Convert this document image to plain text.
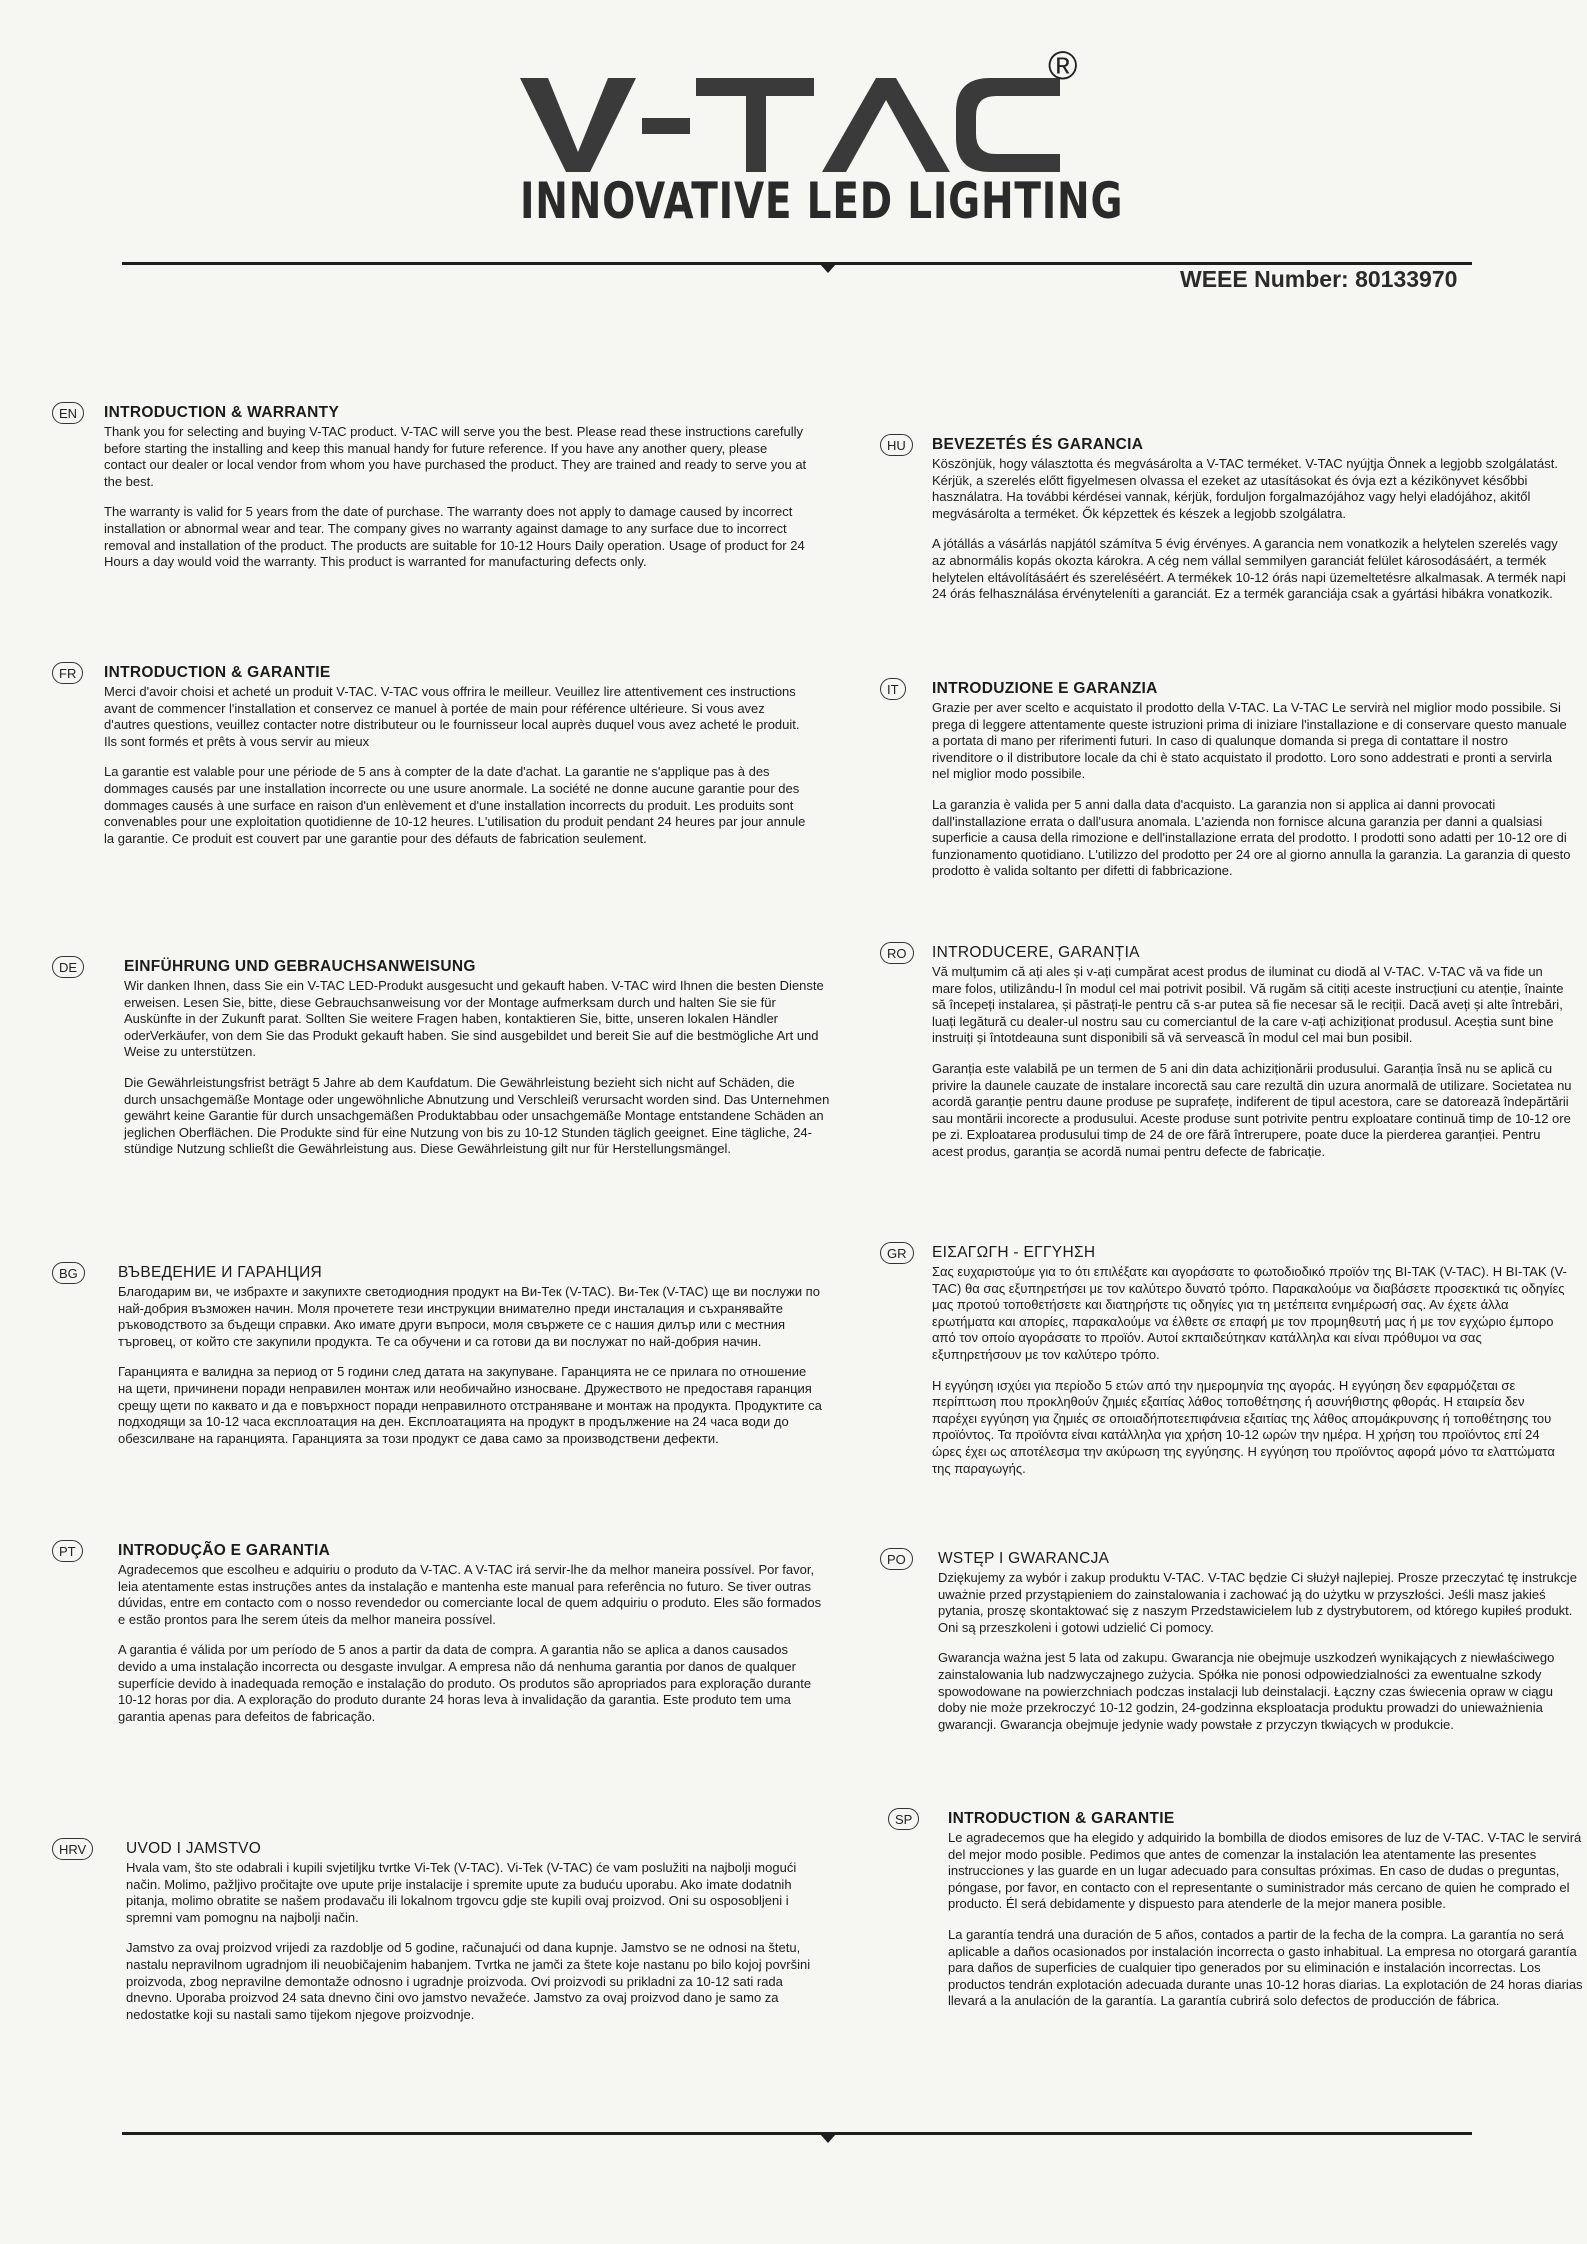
®
INNOVATIVE LED LIGHTING
WEEE Number: 80133970
EN	INTRODUCTION & WARRANTY

Thank you for selecting and buying V-TAC product. V-TAC will serve you the best. Please read these instructions carefully before starting the installing and keep this manual handy for future reference. If you have any another query, please contact our dealer or local vendor from whom you have purchased the product. They are trained and ready to serve you at the best.

The warranty is valid for 5 years from the date of purchase. The warranty does not apply to damage caused by incorrect installation or abnormal wear and tear. The company gives no warranty against damage to any surface due to incorrect removal and installation of the product. The products are suitable for 10-12 Hours Daily operation. Usage of product for 24 Hours a day would void the warranty. This product is warranted for manufacturing defects only.

FR	INTRODUCTION & GARANTIE

Merci d'avoir choisi et acheté un produit V-TAC. V-TAC vous offrira le meilleur. Veuillez lire attentivement ces instructions avant de commencer l'installation et conservez ce manuel à portée de main pour référence ultérieure. Si vous avez d'autres questions, veuillez contacter notre distributeur ou le fournisseur local auprès duquel vous avez acheté le produit. Ils sont formés et prêts à vous servir au mieux

La garantie est valable pour une période de 5 ans à compter de la date d'achat. La garantie ne s'applique pas à des dommages causés par une installation incorrecte ou une usure anormale. La société ne donne aucune garantie pour des dommages causés à une surface en raison d'un enlèvement et d'une installation incorrects du produit. Les produits sont convenables pour une exploitation quotidienne de 10-12 heures. L'utilisation du produit pendant 24 heures par jour annule la garantie. Ce produit est couvert par une garantie pour des défauts de fabrication seulement.

DE	EINFÜHRUNG UND GEBRAUCHSANWEISUNG

Wir danken Ihnen, dass Sie ein V-TAC LED-Produkt ausgesucht und gekauft haben. V-TAC wird Ihnen die besten Dienste erweisen. Lesen Sie, bitte, diese Gebrauchsanweisung vor der Montage aufmerksam durch und halten Sie sie für Auskünfte in der Zukunft parat. Sollten Sie weitere Fragen haben, kontaktieren Sie, bitte, unseren lokalen Händler oderVerkäufer, von dem Sie das Produkt gekauft haben. Sie sind ausgebildet und bereit Sie auf die bestmögliche Art und Weise zu unterstützen.

Die Gewährleistungsfrist beträgt 5 Jahre ab dem Kaufdatum. Die Gewährleistung bezieht sich nicht auf Schäden, die durch unsachgemäße Montage oder ungewöhnliche Abnutzung und Verschleiß verursacht worden sind. Das Unternehmen gewährt keine Garantie für durch unsachgemäßen Produktabbau oder unsachgemäße Montage entstandene Schäden an jeglichen Oberflächen. Die Produkte sind für eine Nutzung von bis zu 10-12 Stunden täglich geeignet. Eine tägliche, 24-stündige Nutzung schließt die Gewährleistung aus. Diese Gewährleistung gilt nur für Herstellungsmängel.

BG	ВЪВЕДЕНИЕ И ГАРАНЦИЯ

Благодарим ви, че избрахте и закупихте светодиодния продукт на Ви-Тек (V-TAC). Ви-Тек (V-TAC) ще ви послужи по най-добрия възможен начин. Моля прочетете тези инструкции внимателно преди инсталация и съхранявайте ръководството за бъдещи справки. Ако имате други въпроси, моля свържете се с нашия дилър или с местния търговец, от който сте закупили продукта. Те са обучени и са готови да ви послужат по най-добрия начин.

Гаранцията е валидна за период от 5 години след датата на закупуване. Гаранцията не се прилага по отношение на щети, причинени поради неправилен монтаж или необичайно износване. Дружеството не предоставя гаранция срещу щети по каквато и да е повърхност поради неправилното отстраняване и монтаж на продукта. Продуктите са подходящи за 10-12 часа експлоатация на ден. Експлоатацията на продукт в продължение на 24 часа води до обезсилване на гаранцията. Гаранцията за този продукт се дава само за производствени дефекти.

PT	INTRODUÇÃO E GARANTIA

Agradecemos que escolheu e adquiriu o produto da V-TAC. A V-TAC irá servir-lhe da melhor maneira possível. Por favor, leia atentamente estas instruções antes da instalação e mantenha este manual para referência no futuro. Se tiver outras dúvidas, entre em contacto com o nosso revendedor ou comerciante local de quem adquiriu o produto. Eles são formados e estão prontos para lhe serem úteis da melhor maneira possível.

A garantia é válida por um período de 5 anos a partir da data de compra. A garantia não se aplica a danos causados devido a uma instalação incorrecta ou desgaste invulgar. A empresa não dá nenhuma garantia por danos de qualquer superfície devido à inadequada remoção e instalação do produto. Os produtos são apropriados para exploração durante 10-12 horas por dia. A exploração do produto durante 24 horas leva à invalidação da garantia. Este produto tem uma garantia apenas para defeitos de fabricação.

HRV	UVOD I JAMSTVO

Hvala vam, što ste odabrali i kupili svjetiljku tvrtke Vi-Tek (V-TAC). Vi-Tek (V-TAC) će vam poslužiti na najbolji mogući način. Molimo, pažljivo pročitajte ove upute prije instalacije i spremite upute za buduću uporabu. Ako imate dodatnih pitanja, molimo obratite se našem prodavaču ili lokalnom trgovcu gdje ste kupili ovaj proizvod. Oni su osposobljeni i spremni vam pomognu na najbolji način.

Jamstvo za ovaj proizvod vrijedi za razdoblje od 5 godine, računajući od dana kupnje. Jamstvo se ne odnosi na štetu, nastalu nepravilnom ugradnjom ili neuobičajenim habanjem. Tvrtka ne jamči za štete koje nastanu po bilo kojoj površini proizvoda, zbog nepravilne demontaže odnosno i ugradnje proizvoda. Ovi proizvodi su prikladni za 10-12 sati rada dnevno. Uporaba proizvod 24 sata dnevno čini ovo jamstvo nevažeće. Jamstvo za ovaj proizvod dano je samo za nedostatke koji su nastali samo tijekom njegove proizvodnje.

HU	BEVEZETÉS ÉS GARANCIA

Köszönjük, hogy választotta és megvásárolta a V-TAC terméket. V-TAC nyújtja Önnek a legjobb szolgálatást. Kérjük, a szerelés előtt figyelmesen olvassa el ezeket az utasításokat és óvja ezt a kézikönyvet későbbi használatra. Ha további kérdései vannak, kérjük, forduljon forgalmazójához vagy helyi eladójához, akitől megvásárolta a terméket. Ők képzettek és készek a legjobb szolgálatra.

A jótállás a vásárlás napjától számítva 5 évig érvényes. A garancia nem vonatkozik a helytelen szerelés vagy az abnormális kopás okozta károkra. A cég nem vállal semmilyen garanciát felület károsodásáért, a termék helytelen eltávolításáért és szereléséért. A termékek 10-12 órás napi üzemeltetésre alkalmasak. A termék napi 24 órás felhasználása érvényteleníti a garanciát. Ez a termék garanciája csak a gyártási hibákra vonatkozik.

IT	INTRODUZIONE E GARANZIA

Grazie per aver scelto e acquistato il prodotto della V-TAC. La V-TAC Le servirà nel miglior modo possibile. Si prega di leggere attentamente queste istruzioni prima di iniziare l'installazione e di conservare questo manuale a portata di mano per riferimenti futuri. In caso di qualunque domanda si prega di contattare il nostro rivenditore o il distributore locale da chi è stato acquistato il prodotto. Loro sono addestrati e pronti a servirla nel miglior modo possibile.

La garanzia è valida per 5 anni dalla data d'acquisto. La garanzia non si applica ai danni provocati dall'installazione errata o dall'usura anomala. L'azienda non fornisce alcuna garanzia per danni a qualsiasi superficie a causa della rimozione e dell'installazione errata del prodotto. I prodotti sono adatti per 10-12 ore di funzionamento quotidiano. L'utilizzo del prodotto per 24 ore al giorno annulla la garanzia. La garanzia di questo prodotto è valida soltanto per difetti di fabbricazione.

RO	INTRODUCERE, GARANȚIA

Vă mulțumim că ați ales și v-ați cumpărat acest produs de iluminat cu diodă al V-TAC. V-TAC vă va fide un mare folos, utilizându-l în modul cel mai potrivit posibil. Vă rugăm să citiți aceste instrucțiuni cu atenție, înainte să începeți instalarea, și păstrați-le pentru că s-ar putea să fie necesar să le reciții. Dacă aveți și alte întrebări, luați legătură cu dealer-ul nostru sau cu comerciantul de la care v-ați achiziționat produsul. Aceștia sunt bine instruiți și întotdeauna sunt disponibili să vă servească în modul cel mai bun posibil.

Garanția este valabilă pe un termen de 5 ani din data achiziționării produsului. Garanția însă nu se aplică cu privire la daunele cauzate de instalare incorectă sau care rezultă din uzura anormală de utilizare. Societatea nu acordă garanție pentru daune produse pe suprafețe, indiferent de tipul acestora, care se datorează îndepărtării sau montării incorecte a produsului. Aceste produse sunt potrivite pentru exploatare continuă timp de 10-12 ore pe zi. Exploatarea produsului timp de 24 de ore fără întrerupere, poate duce la pierderea garanției. Pentru acest produs, garanția se acordă numai pentru defecte de fabricație.

GR	ΕΙΣΑΓΩΓΗ - ΕΓΓΥΗΣΗ

Σας ευχαριστούμε για το ότι επιλέξατε και αγοράσατε το φωτοδιοδικό προϊόν της ΒΙ-ΤΑΚ (V-TAC). Η ΒΙ-ΤΑΚ (V-TAC) θα σας εξυπηρετήσει με τον καλύτερο δυνατό τρόπο. Παρακαλούμε να διαβάσετε προσεκτικά τις οδηγίες μας προτού τοποθετήσετε και διατηρήστε τις οδηγίες για τη μετέπειτα ενημέρωσή σας. Αν έχετε άλλα ερωτήματα και απορίες, παρακαλούμε να έλθετε σε επαφή με τον προμηθευτή μας ή με τον εγχώριο έμπορο από τον οποίο αγοράσατε το προϊόν. Αυτοί εκπαιδεύτηκαν κατάλληλα και είναι πρόθυμοι να σας εξυπηρετήσουν με τον καλύτερο τρόπο.

Η εγγύηση ισχύει για περίοδο 5 ετών από την ημερομηνία της αγοράς. Η εγγύηση δεν εφαρμόζεται σε περίπτωση που προκληθούν ζημιές εξαιτίας λάθος τοποθέτησης ή ασυνήθιστης φθοράς. Η εταιρεία δεν παρέχει εγγύηση για ζημιές σε οποιαδήποτεεπιφάνεια εξαιτίας της λάθος απομάκρυνσης ή τοποθέτησης του προϊόντος. Τα προϊόντα είναι κατάλληλα για χρήση 10-12 ωρών την ημέρα. Η χρήση του προϊόντος επί 24 ώρες έχει ως αποτέλεσμα την ακύρωση της εγγύησης. Η εγγύηση του προϊόντος αφορά μόνο τα ελαττώματα της παραγωγής.

PO	WSTĘP I GWARANCJA

Dziękujemy za wybór i zakup produktu V-TAC. V-TAC będzie Ci służył najlepiej. Prosze przeczytać tę instrukcje uważnie przed przystąpieniem do zainstalowania i zachować ją do użytku w przyszłości. Jeśli masz jakieś pytania, proszę skontaktować się z naszym Przedstawicielem lub z dystrybutorem, od którego kupiłeś produkt. Oni są przeszkoleni i gotowi udzielić Ci pomocy.

Gwarancja ważna jest 5 lata od zakupu. Gwarancja nie obejmuje uszkodzeń wynikających z niewłaściwego zainstalowania lub nadzwyczajnego zużycia. Spółka nie ponosi odpowiedzialności za ewentualne szkody spowodowane na powierzchniach podczas instalacji lub deinstalacji. Łączny czas świecenia opraw w ciągu doby nie może przekroczyć 10-12 godzin, 24-godzinna eksploatacja produktu prowadzi do unieważnienia gwarancji. Gwarancja obejmuje jedynie wady powstałe z przyczyn tkwiących w produkcie.

SP	INTRODUCTION & GARANTIE

Le agradecemos que ha elegido y adquirido la bombilla de diodos emisores de luz de V-TAC. V-TAC le servirá del mejor modo posible. Pedimos que antes de comenzar la instalación lea atentamente las presentes instrucciones y las guarde en un lugar adecuado para consultas próximas. En caso de dudas o preguntas, póngase, por favor, en contacto con el representante o suministrador más cercano de quien he comprado el producto. Él será debidamente y dispuesto para atenderle de la mejor manera posible.

La garantía tendrá una duración de 5 años, contados a partir de la fecha de la compra. La garantía no será aplicable a daños ocasionados por instalación incorrecta o gasto inhabitual. La empresa no otorgará garantía para daños de superficies de cualquier tipo generados por su eliminación e instalación incorrectas. Los productos tendrán explotación adecuada durante unas 10-12 horas diarias. La explotación de 24 horas diarias llevará a la anulación de la garantía. La garantía cubrirá solo defectos de producción de fábrica.
